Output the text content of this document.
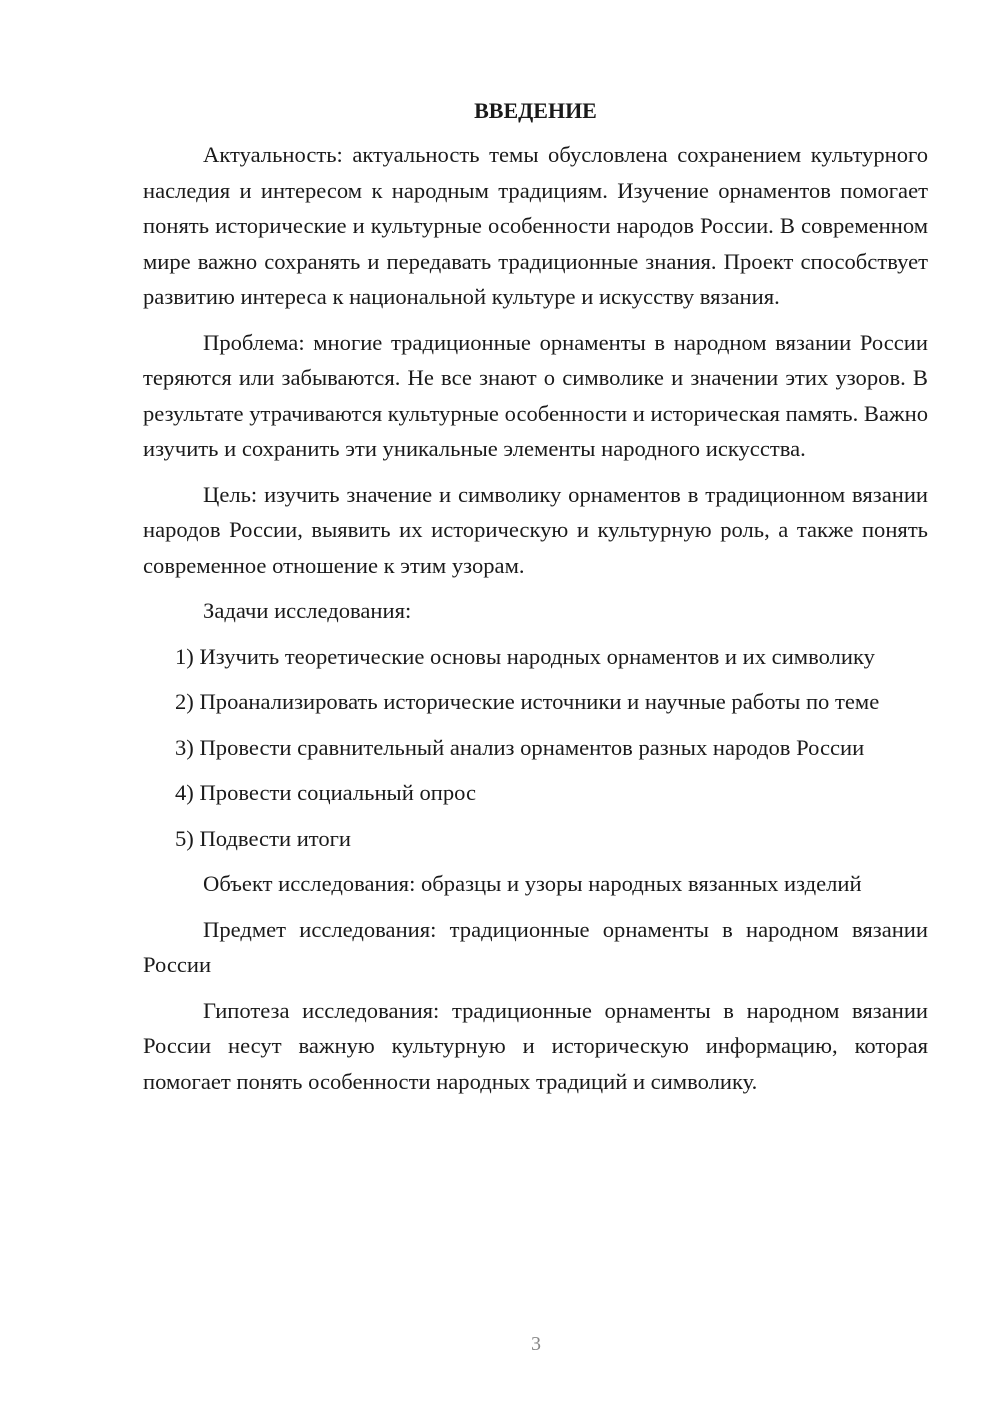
ВВЕДЕНИЕ

Актуальность: актуальность темы обусловлена сохранением культурного наследия и интересом к народным традициям. Изучение орнаментов помогает понять исторические и культурные особенности народов России. В современном мире важно сохранять и передавать традиционные знания. Проект способствует развитию интереса к национальной культуре и искусству вязания.

Проблема: многие традиционные орнаменты в народном вязании России теряются или забываются. Не все знают о символике и значении этих узоров. В результате утрачиваются культурные особенности и историческая память. Важно изучить и сохранить эти уникальные элементы народного искусства.

Цель: изучить значение и символику орнаментов в традиционном вязании народов России, выявить их историческую и культурную роль, а также понять современное отношение к этим узорам.

Задачи исследования:

1) Изучить теоретические основы народных орнаментов и их символику

2) Проанализировать исторические источники и научные работы по теме

3) Провести сравнительный анализ орнаментов разных народов России

4) Провести социальный опрос

5) Подвести итоги

Объект исследования: образцы и узоры народных вязанных изделий

Предмет исследования: традиционные орнаменты в народном вязании России

Гипотеза исследования: традиционные орнаменты в народном вязании России несут важную культурную и историческую информацию, которая помогает понять особенности народных традиций и символику.

3
